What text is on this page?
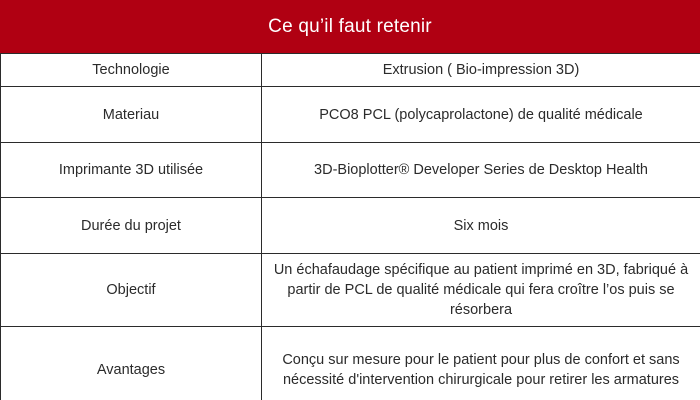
Ce qu’il faut retenir
Technologie	Extrusion ( Bio-impression 3D)
Materiau	PCO8 PCL (polycaprolactone) de qualité médicale
Imprimante 3D utilisée	3D-Bioplotter® Developer Series de Desktop Health
Durée du projet	Six mois
Objectif	Un échafaudage spécifique au patient imprimé en 3D, fabriqué à partir de PCL de qualité médicale qui fera croître l’os puis se résorbera
Avantages	Conçu sur mesure pour le patient pour plus de confort et sans nécessité d'intervention chirurgicale pour retirer les armatures
